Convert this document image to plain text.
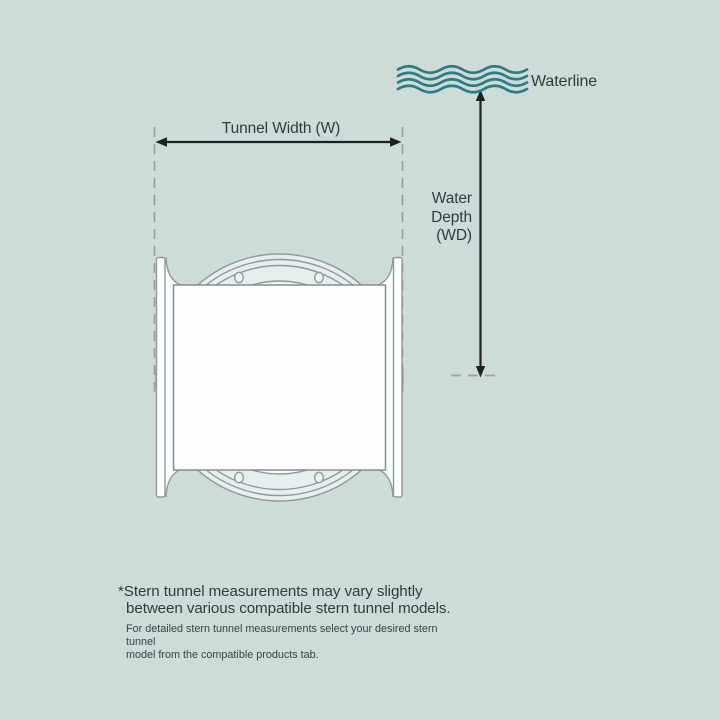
Tunnel Width (W)
Waterline
Water
Depth
(WD)
*Stern tunnel measurements may vary slightly
between various compatible stern tunnel models.
For detailed stern tunnel measurements select your desired stern tunnel
model from the compatible products tab.
